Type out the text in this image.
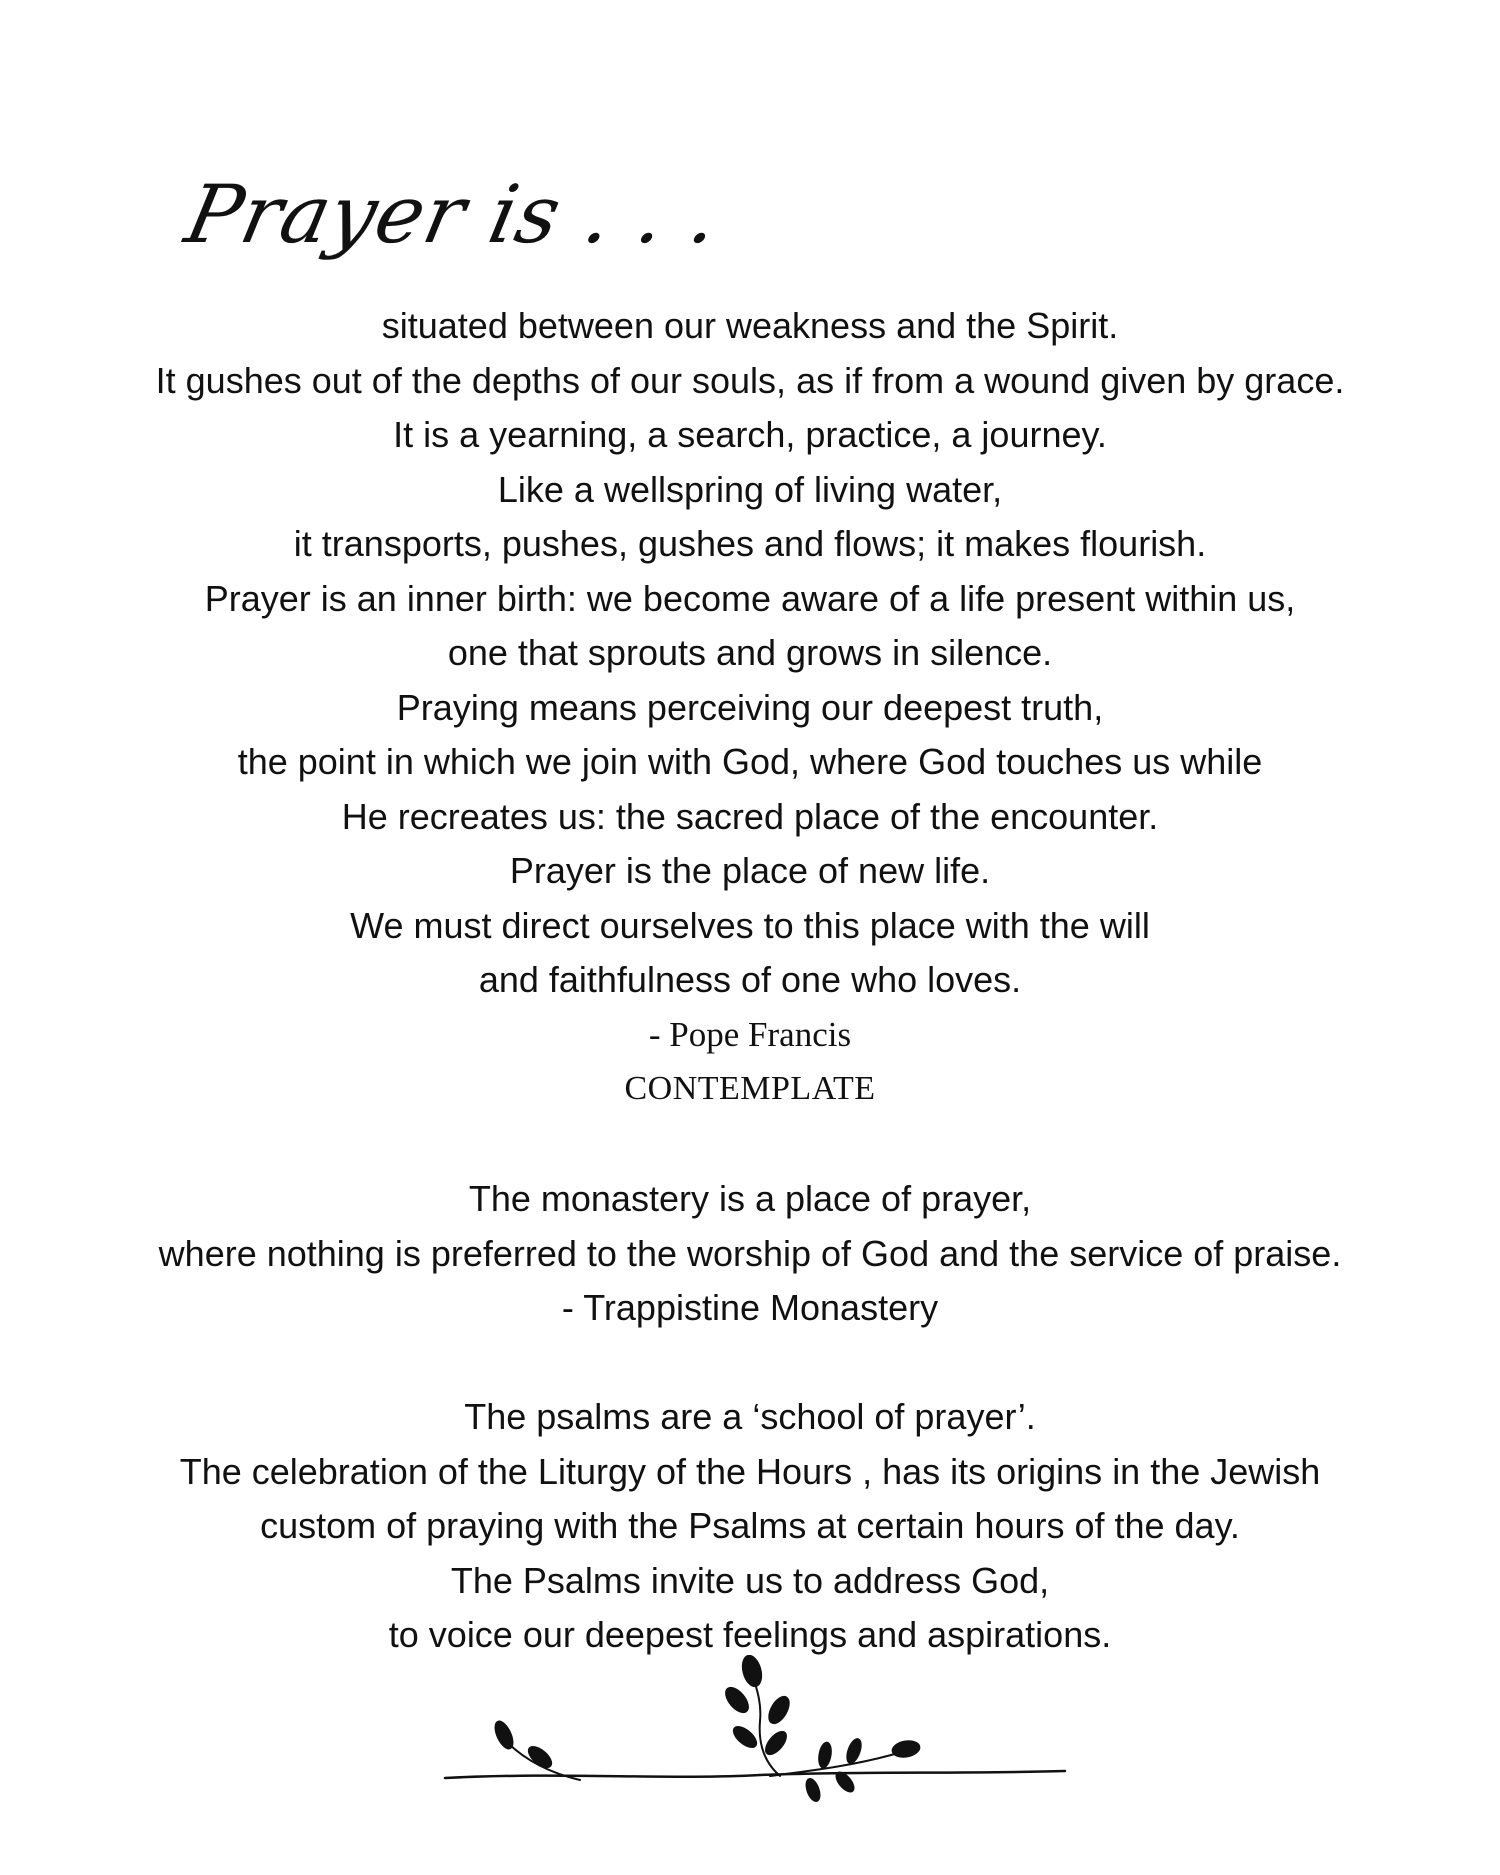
Prayer is . . .
situated between our weakness and the Spirit.
It gushes out of the depths of our souls, as if from a wound given by grace.
It is a yearning, a search, practice, a journey.
Like a wellspring of living water,
it transports, pushes, gushes and flows; it makes flourish.
Prayer is an inner birth: we become aware of a life present within us,
one that sprouts and grows in silence.
Praying means perceiving our deepest truth,
the point in which we join with God, where God touches us while
He recreates us: the sacred place of the encounter.
Prayer is the place of new life.
We must direct ourselves to this place with the will
and faithfulness of one who loves.
- Pope Francis
CONTEMPLATE
The monastery is a place of prayer,
where nothing is preferred to the worship of God and the service of praise.
- Trappistine Monastery
The psalms are a ‘school of prayer’.
The celebration of the Liturgy of the Hours , has its origins in the Jewish
custom of praying with the Psalms at certain hours of the day.
The Psalms invite us to address God,
to voice our deepest feelings and aspirations.
